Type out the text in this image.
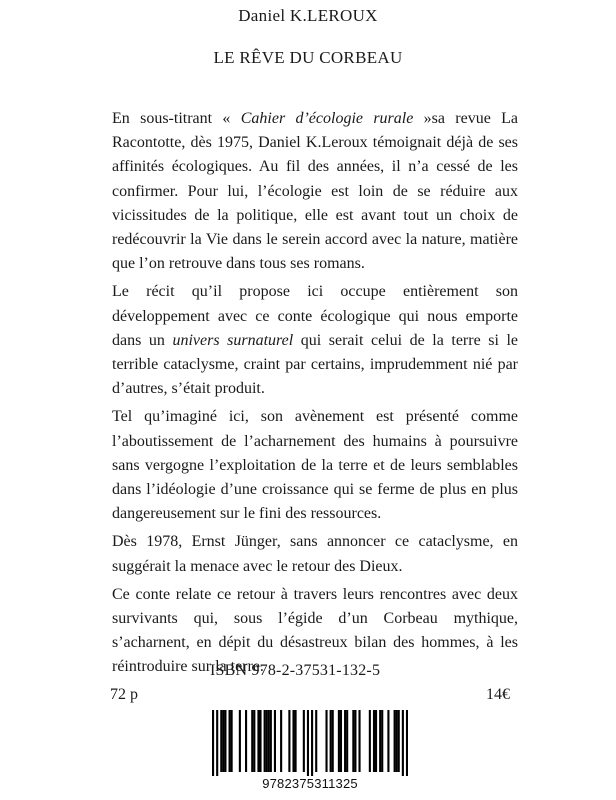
Daniel K.LEROUX
LE RÊVE DU CORBEAU

En sous-titrant « Cahier d’écologie rurale »sa revue La Racontotte, dès 1975, Daniel K.Leroux témoignait déjà de ses affinités écologiques. Au fil des années, il n’a cessé de les confirmer. Pour lui, l’écologie est loin de se réduire aux vicissitudes de la politique, elle est avant tout un choix de redécouvrir la Vie dans le serein accord avec la nature, matière que l’on retrouve dans tous ses romans.

Le récit qu’il propose ici occupe entièrement son développement avec ce conte écologique qui nous emporte dans un univers surnaturel qui serait celui de la terre si le terrible cataclysme, craint par certains, imprudemment nié par d’autres, s’était produit.

Tel qu’imaginé ici, son avènement est présenté comme l’aboutissement de l’acharnement des humains à poursuivre sans vergogne l’exploitation de la terre et de leurs semblables dans l’idéologie d’une croissance qui se ferme de plus en plus dangereusement sur le fini des ressources.

Dès 1978, Ernst Jünger, sans annoncer ce cataclysme, en suggérait la menace avec le retour des Dieux.

Ce conte relate ce retour à travers leurs rencontres avec deux survivants qui, sous l’égide d’un Corbeau mythique, s’acharnent, en dépit du désastreux bilan des hommes, à les réintroduire sur la terre.

ISBN 978-2-37531-132-5
72 p	14€
9782375311325
